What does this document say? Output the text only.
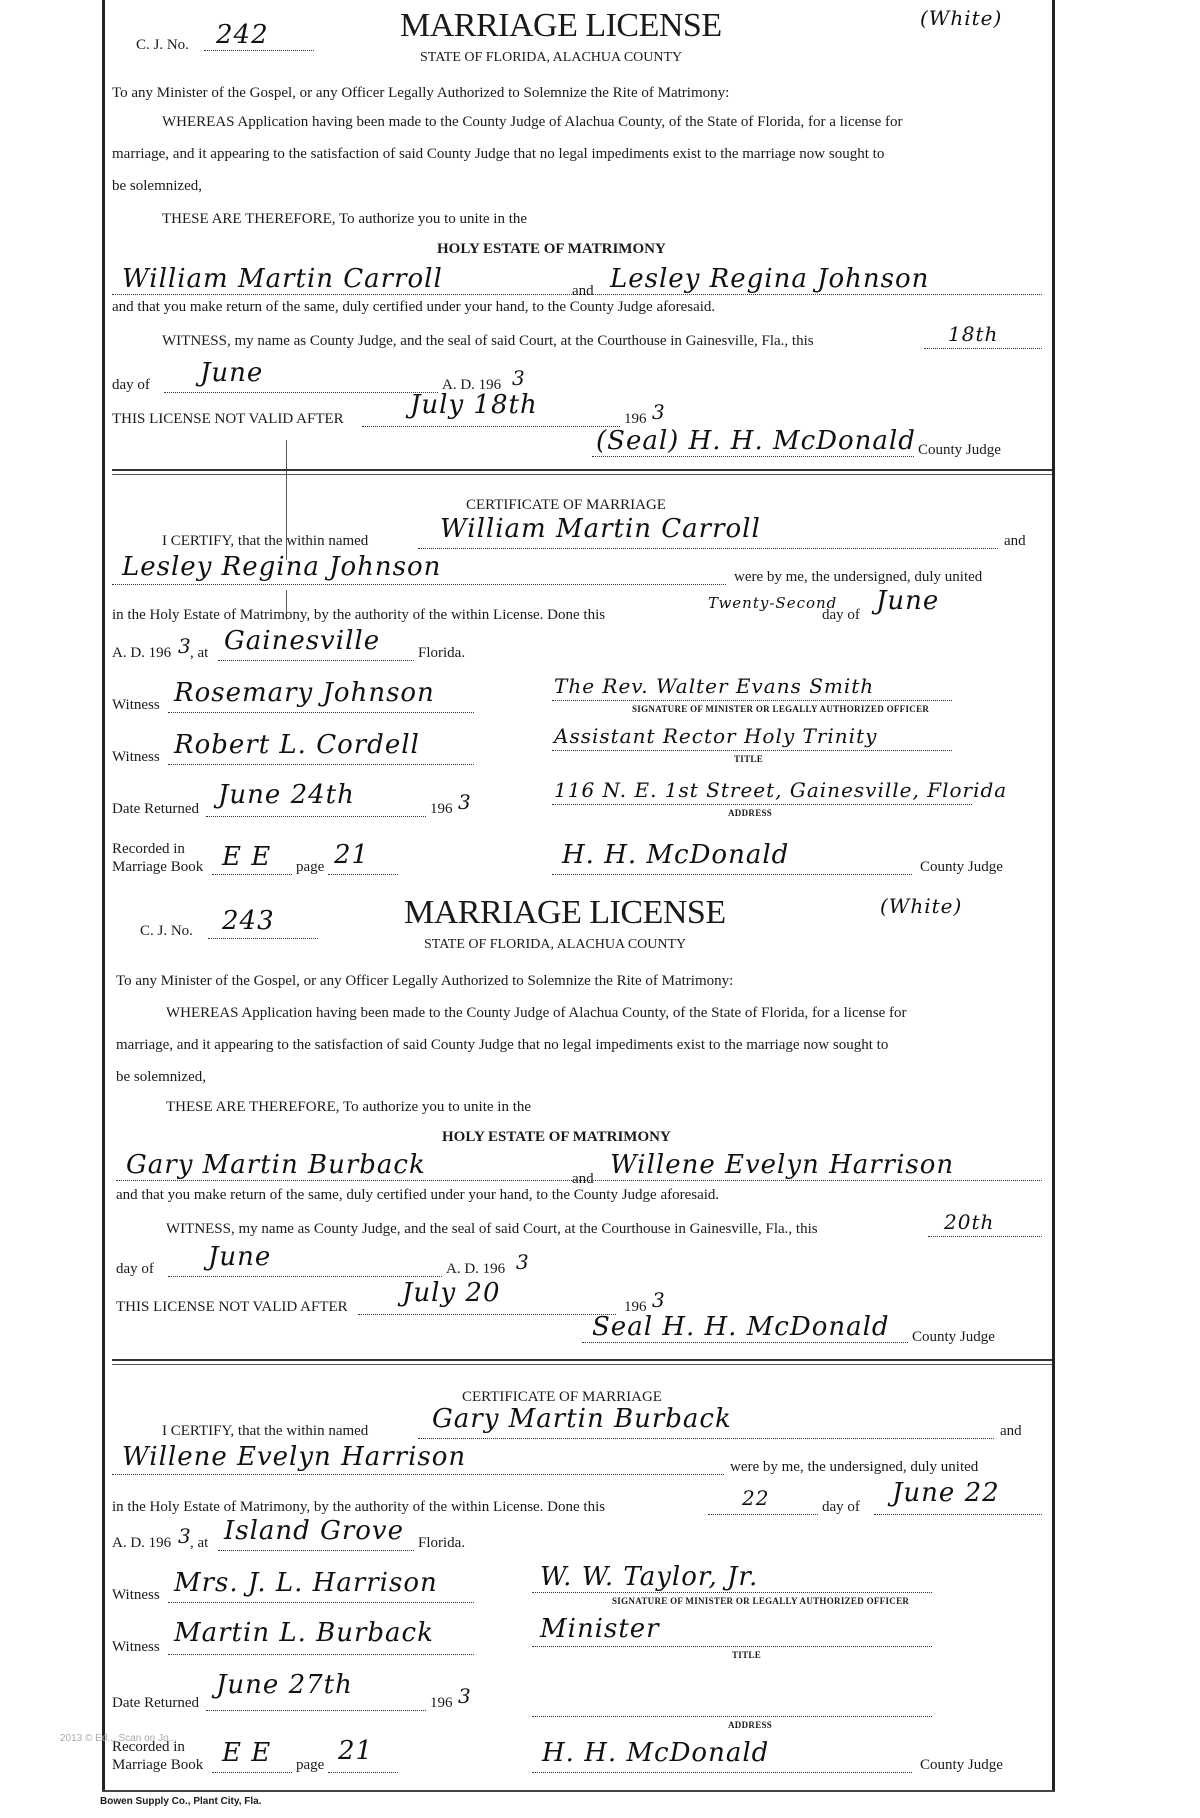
C. J. No. 242	MARRIAGE LICENSE
STATE OF FLORIDA, ALACHUA COUNTY
(White)
To any Minister of the Gospel, or any Officer Legally Authorized to Solemnize the Rite of Matrimony:
WHEREAS Application having been made to the County Judge of Alachua County, of the State of Florida, for a license for
marriage, and it appearing to the satisfaction of said County Judge that no legal impediments exist to the marriage now sought to
be solemnized,
THESE ARE THEREFORE, To authorize you to unite in the
HOLY ESTATE OF MATRIMONY
William Martin Carroll	and Lesley Regina Johnson
and that you make return of the same, duly certified under your hand, to the County Judge aforesaid.
WITNESS, my name as County Judge, and the seal of said Court, at the Courthouse in Gainesville, Fla., this	18th
day of June	A. D. 196 3
THIS LICENSE NOT VALID AFTER	July 18th	196 3
(Seal) H. H. McDonald County Judge
CERTIFICATE OF MARRIAGE
I CERTIFY, that the within named	William Martin Carroll	and
Lesley Regina Johnson	were by me, the undersigned, duly united
in the Holy Estate of Matrimony, by the authority of the within License. Done this
Twenty-Second
day of June
A. D. 196 3
, at Gainesville	Florida.
Witness Rosemary Johnson	The Rev. Walter Evans Smith
SIGNATURE OF MINISTER OR LEGALLY AUTHORIZED OFFICER
Witness Robert L. Cordell	Assistant Rector Holy Trinity
TITLE
Date Returned June 24th	196 3	116 N. E. 1st Street, Gainesville, Florida
ADDRESS
Recorded in
Marriage Book E E page 21	H. H. McDonald	County Judge
C. J. No. 243	MARRIAGE LICENSE
STATE OF FLORIDA, ALACHUA COUNTY
(White)
To any Minister of the Gospel, or any Officer Legally Authorized to Solemnize the Rite of Matrimony:
WHEREAS Application having been made to the County Judge of Alachua County, of the State of Florida, for a license for
marriage, and it appearing to the satisfaction of said County Judge that no legal impediments exist to the marriage now sought to
be solemnized,
THESE ARE THEREFORE, To authorize you to unite in the
HOLY ESTATE OF MATRIMONY
Gary Martin Burback	and Willene Evelyn Harrison
and that you make return of the same, duly certified under your hand, to the County Judge aforesaid.
WITNESS, my name as County Judge, and the seal of said Court, at the Courthouse in Gainesville, Fla., this	20th
day of June	A. D. 196 3
THIS LICENSE NOT VALID AFTER July 20	196 3
Seal H. H. McDonald County Judge
CERTIFICATE OF MARRIAGE
I CERTIFY, that the within named Gary Martin Burback	and
Willene Evelyn Harrison	were by me, the undersigned, duly united
in the Holy Estate of Matrimony, by the authority of the within License. Done this	22	day of June 22
A. D. 196 3
, at Island Grove Florida.
Witness Mrs. J. L. Harrison	W. W. Taylor, Jr.
SIGNATURE OF MINISTER OR LEGALLY AUTHORIZED OFFICER
Witness Martin L. Burback	Minister
TITLE
Date Returned
June 27th
196 3
ADDRESS
Recorded in
Marriage Book E E page 21	H. H. McDonald	County Judge
2013 © Ed... Scan on Jo...
Bowen Supply Co., Plant City, Fla.
